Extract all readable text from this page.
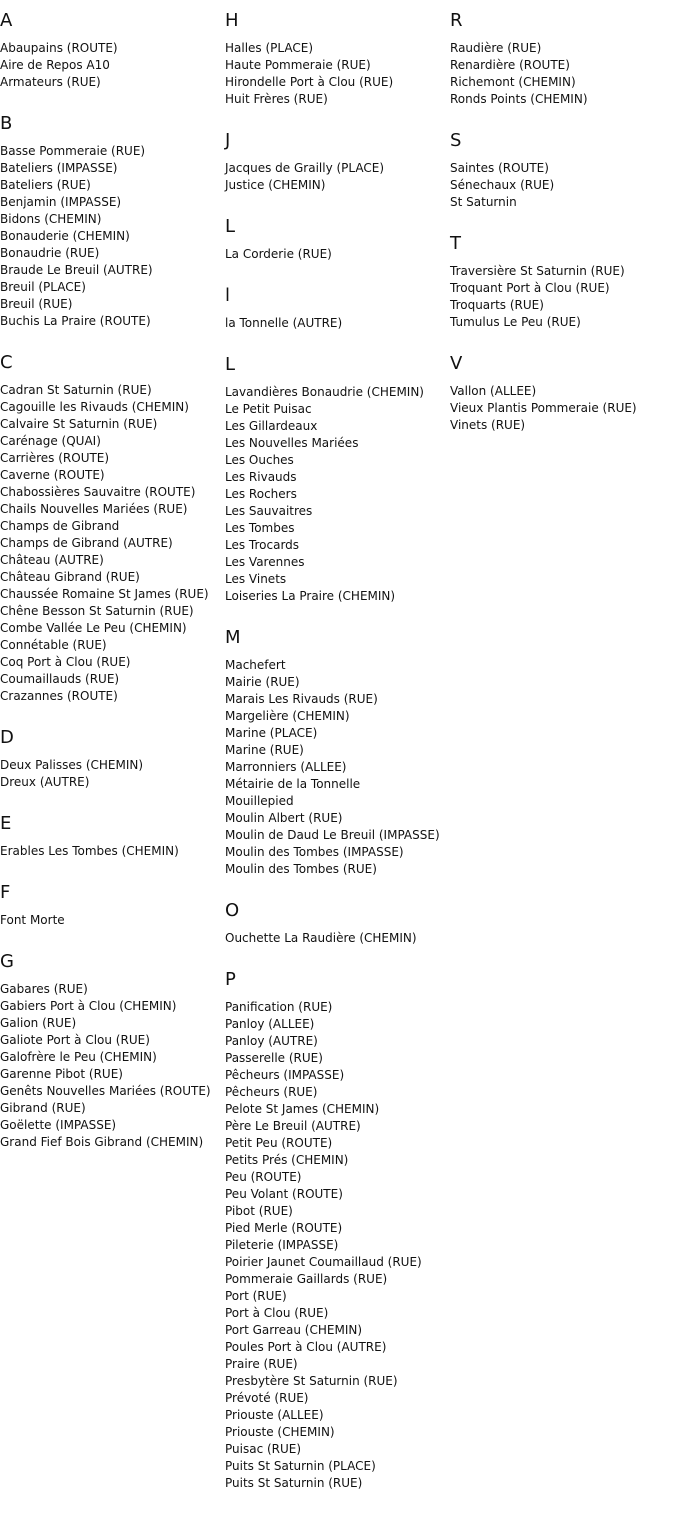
A
Abaupains (ROUTE)
Aire de Repos A10
Armateurs (RUE)
B
Basse Pommeraie (RUE)
Bateliers (IMPASSE)
Bateliers (RUE)
Benjamin (IMPASSE)
Bidons (CHEMIN)
Bonauderie (CHEMIN)
Bonaudrie (RUE)
Braude Le Breuil (AUTRE)
Breuil (PLACE)
Breuil (RUE)
Buchis La Praire (ROUTE)
C
Cadran St Saturnin (RUE)
Cagouille les Rivauds (CHEMIN)
Calvaire St Saturnin (RUE)
Carénage (QUAI)
Carrières (ROUTE)
Caverne (ROUTE)
Chabossières Sauvaitre (ROUTE)
Chails Nouvelles Mariées (RUE)
Champs de Gibrand
Champs de Gibrand (AUTRE)
Château (AUTRE)
Château Gibrand (RUE)
Chaussée Romaine St James (RUE)
Chêne Besson St Saturnin (RUE)
Combe Vallée Le Peu (CHEMIN)
Connétable (RUE)
Coq Port à Clou (RUE)
Coumaillauds (RUE)
Crazannes (ROUTE)
D
Deux Palisses (CHEMIN)
Dreux (AUTRE)
E
Erables Les Tombes (CHEMIN)
F
Font Morte
G
Gabares (RUE)
Gabiers Port à Clou (CHEMIN)
Galion (RUE)
Galiote Port à Clou (RUE)
Galofrère le Peu (CHEMIN)
Garenne Pibot (RUE)
Genêts Nouvelles Mariées (ROUTE)
Gibrand (RUE)
Goëlette (IMPASSE)
Grand Fief Bois Gibrand (CHEMIN)
H
Halles (PLACE)
Haute Pommeraie (RUE)
Hirondelle Port à Clou (RUE)
Huit Frères (RUE)
J
Jacques de Grailly (PLACE)
Justice (CHEMIN)
L
La Corderie (RUE)
l
la Tonnelle (AUTRE)
L
Lavandières Bonaudrie (CHEMIN)
Le Petit Puisac
Les Gillardeaux
Les Nouvelles Mariées
Les Ouches
Les Rivauds
Les Rochers
Les Sauvaitres
Les Tombes
Les Trocards
Les Varennes
Les Vinets
Loiseries La Praire (CHEMIN)
M
Machefert
Mairie (RUE)
Marais Les Rivauds (RUE)
Margelière (CHEMIN)
Marine (PLACE)
Marine (RUE)
Marronniers (ALLEE)
Métairie de la Tonnelle
Mouillepied
Moulin Albert (RUE)
Moulin de Daud Le Breuil (IMPASSE)
Moulin des Tombes (IMPASSE)
Moulin des Tombes (RUE)
O
Ouchette La Raudière (CHEMIN)
P
Panification (RUE)
Panloy (ALLEE)
Panloy (AUTRE)
Passerelle (RUE)
Pêcheurs (IMPASSE)
Pêcheurs (RUE)
Pelote St James (CHEMIN)
Père Le Breuil (AUTRE)
Petit Peu (ROUTE)
Petits Prés (CHEMIN)
Peu (ROUTE)
Peu Volant (ROUTE)
Pibot (RUE)
Pied Merle (ROUTE)
Pileterie (IMPASSE)
Poirier Jaunet Coumaillaud (RUE)
Pommeraie Gaillards (RUE)
Port (RUE)
Port à Clou (RUE)
Port Garreau (CHEMIN)
Poules Port à Clou (AUTRE)
Praire (RUE)
Presbytère St Saturnin (RUE)
Prévoté (RUE)
Priouste (ALLEE)
Priouste (CHEMIN)
Puisac (RUE)
Puits St Saturnin (PLACE)
Puits St Saturnin (RUE)
R
Raudière (RUE)
Renardière (ROUTE)
Richemont (CHEMIN)
Ronds Points (CHEMIN)
S
Saintes (ROUTE)
Sénechaux (RUE)
St Saturnin
T
Traversière St Saturnin (RUE)
Troquant Port à Clou (RUE)
Troquarts (RUE)
Tumulus Le Peu (RUE)
V
Vallon (ALLEE)
Vieux Plantis Pommeraie (RUE)
Vinets (RUE)
